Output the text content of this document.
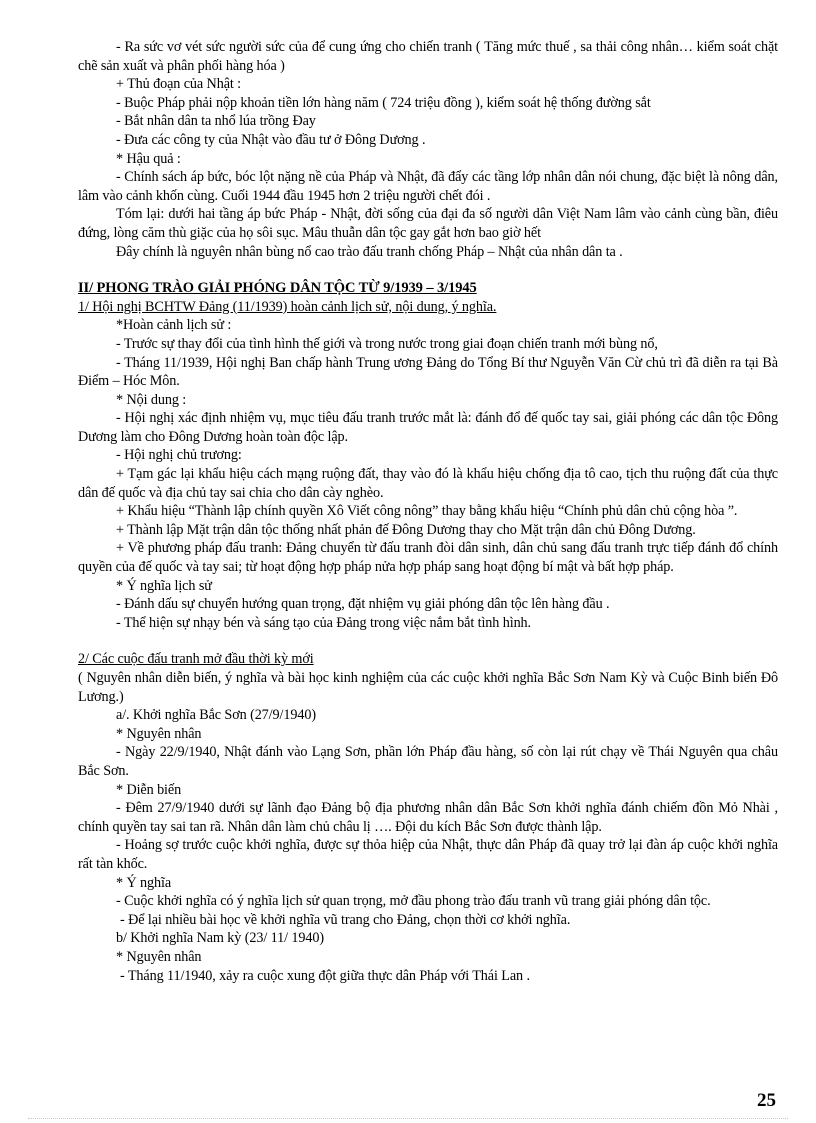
- Ra sức vơ vét sức người sức của để cung ứng cho chiến tranh ( Tăng mức thuế , sa thải công nhân… kiểm soát chặt chẽ sản xuất và phân phối hàng hóa )

+ Thủ đoạn của Nhật :

- Buộc Pháp phải nộp khoản tiền lớn hàng năm ( 724 triệu đồng ), kiểm soát hệ thống đường sắt

- Bắt nhân dân ta nhổ lúa trồng Đay

- Đưa các công ty của Nhật vào đầu tư ở Đông Dương .

* Hậu quả :

- Chính sách áp bức, bóc lột nặng nề của Pháp và Nhật, đã đẩy các tầng lớp nhân dân nói chung, đặc biệt là nông dân, lâm vào cảnh khốn cùng. Cuối 1944 đầu 1945 hơn 2 triệu người chết đói .

Tóm lại: dưới hai tầng áp bức Pháp - Nhật, đời sống của đại đa số người dân Việt Nam lâm vào cảnh cùng bần, điêu đứng, lòng căm thù giặc của họ sôi sục. Mâu thuẫn dân tộc gay gắt hơn bao giờ hết

Đây chính là nguyên nhân bùng nổ cao trào đấu tranh chống Pháp – Nhật của nhân dân ta .

II/ PHONG TRÀO GIẢI PHÓNG DÂN TỘC TỪ 9/1939 – 3/1945

1/ Hội nghị BCHTW Đảng (11/1939) hoàn cảnh lịch sử, nội dung, ý nghĩa.

*Hoàn cảnh lịch sử :

- Trước sự thay đổi của tình hình thế giới và trong nước trong giai đoạn chiến tranh mới bùng nổ,

- Tháng 11/1939, Hội nghị Ban chấp hành Trung ương Đảng do Tổng Bí thư Nguyễn Văn Cừ chủ trì đã diễn ra tại Bà Điểm – Hóc Môn.

* Nội dung :

- Hội nghị xác định nhiệm vụ, mục tiêu đấu tranh trước mắt là: đánh đổ đế quốc tay sai, giải phóng các dân tộc Đông Dương làm cho Đông Dương hoàn toàn độc lập.

- Hội nghị chủ trương:

+ Tạm gác lại khẩu hiệu cách mạng ruộng đất, thay vào đó là khẩu hiệu chống địa tô cao, tịch thu ruộng đất của thực dân đế quốc và địa chủ tay sai chia cho dân cày nghèo.

+ Khẩu hiệu “Thành lập chính quyền Xô Viết công nông” thay bằng khẩu hiệu “Chính phủ dân chủ cộng hòa ”.

+ Thành lập Mặt trận dân tộc thống nhất phản đế Đông Dương thay cho Mặt trận dân chủ Đông Dương.

+ Về phương pháp đấu tranh: Đảng chuyển từ đấu tranh đòi dân sinh, dân chủ sang đấu tranh trực tiếp đánh đổ chính quyền của đế quốc và tay sai; từ hoạt động hợp pháp nửa hợp pháp sang hoạt động bí mật và bất hợp pháp.

* Ý nghĩa lịch sử

- Đánh dấu sự chuyển hướng quan trọng, đặt nhiệm vụ giải phóng dân tộc lên hàng đầu .

- Thể hiện sự nhạy bén và sáng tạo của Đảng trong việc nắm bắt tình hình.

2/ Các cuộc đấu tranh mở đầu thời kỳ mới

( Nguyên nhân diễn biến, ý nghĩa và bài học kinh nghiệm của các cuộc khởi nghĩa Bắc Sơn Nam Kỳ và Cuộc Binh biến Đô Lương.)

a/. Khởi nghĩa Bắc Sơn (27/9/1940)

* Nguyên nhân

- Ngày 22/9/1940, Nhật đánh vào Lạng Sơn, phần lớn Pháp đầu hàng, số còn lại rút chạy về Thái Nguyên qua châu Bắc Sơn.

* Diễn biến

- Đêm 27/9/1940 dưới sự lãnh đạo Đảng bộ địa phương nhân dân Bắc Sơn khởi nghĩa đánh chiếm đồn Mỏ Nhài , chính quyền tay sai tan rã. Nhân dân làm chủ châu lị …. Đội du kích Bắc Sơn được thành lập.

- Hoảng sợ trước cuộc khởi nghĩa, được sự thỏa hiệp của Nhật, thực dân Pháp đã quay trở lại đàn áp cuộc khởi nghĩa rất tàn khốc.

* Ý nghĩa

- Cuộc khởi nghĩa có ý nghĩa lịch sử quan trọng, mở đầu phong trào đấu tranh vũ trang giải phóng dân tộc.

- Để lại nhiều bài học về khởi nghĩa vũ trang cho Đảng, chọn thời cơ khởi nghĩa.

b/ Khởi nghĩa Nam kỳ (23/ 11/ 1940)

* Nguyên nhân

- Tháng 11/1940, xảy ra cuộc xung đột giữa thực dân Pháp với Thái Lan .

25
